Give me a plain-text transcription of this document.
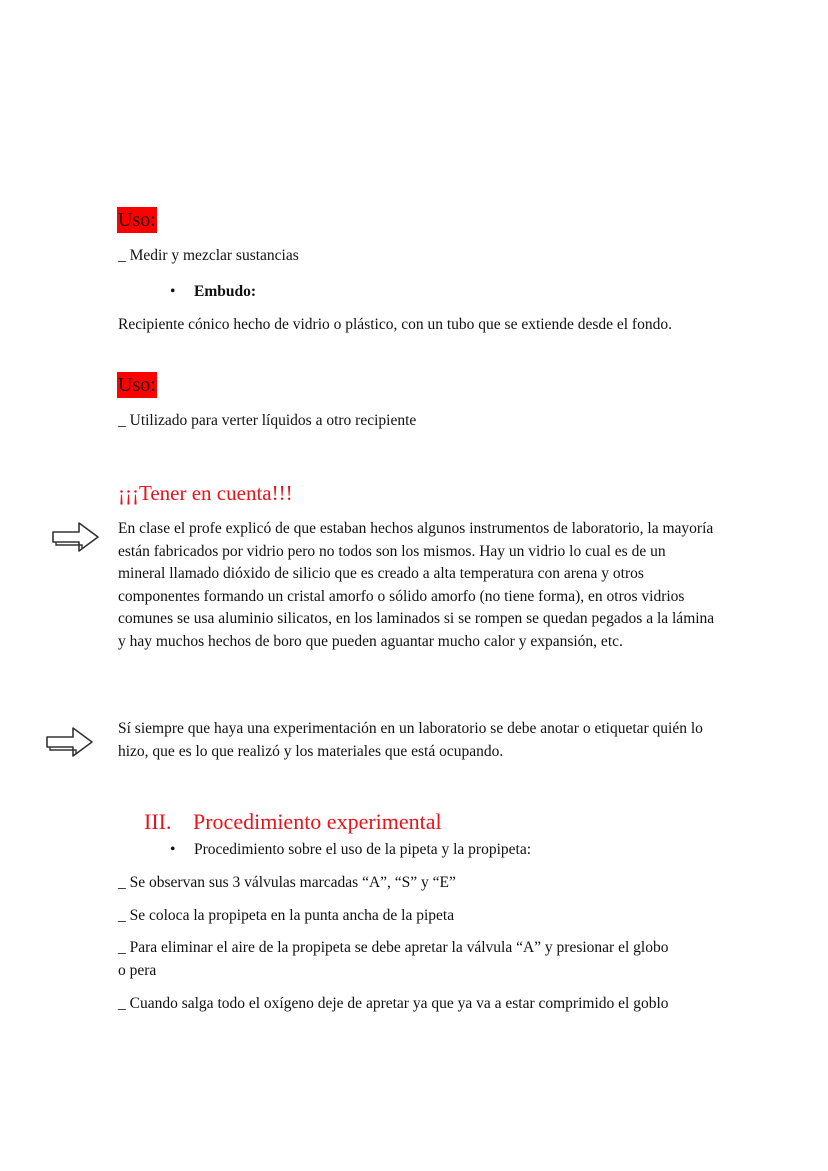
Uso:
_ Medir y mezclar sustancias
• Embudo:
Recipiente cónico hecho de vidrio o plástico, con un tubo que se extiende desde el fondo.
Uso:
_ Utilizado para verter líquidos a otro recipiente
¡¡¡Tener en cuenta!!!
En clase el profe explicó de que estaban hechos algunos instrumentos de laboratorio, la mayoría están fabricados por vidrio pero no todos son los mismos. Hay un vidrio lo cual es de un mineral llamado dióxido de silicio que es creado a alta temperatura con arena y otros componentes formando un cristal amorfo o sólido amorfo (no tiene forma), en otros vidrios comunes se usa aluminio silicatos, en los laminados si se rompen se quedan pegados a la lámina y hay muchos hechos de boro que pueden aguantar mucho calor y expansión, etc.
Sí siempre que haya una experimentación en un laboratorio se debe anotar o etiquetar quién lo hizo, que es lo que realizó y los materiales que está ocupando.
III. Procedimiento experimental
• Procedimiento sobre el uso de la pipeta y la propipeta:
_ Se observan sus 3 válvulas marcadas “A”, “S” y “E”
_ Se coloca la propipeta en la punta ancha de la pipeta
_ Para eliminar el aire de la propipeta se debe apretar la válvula “A” y presionar el globo o pera
_ Cuando salga todo el oxígeno deje de apretar ya que ya va a estar comprimido el goblo
